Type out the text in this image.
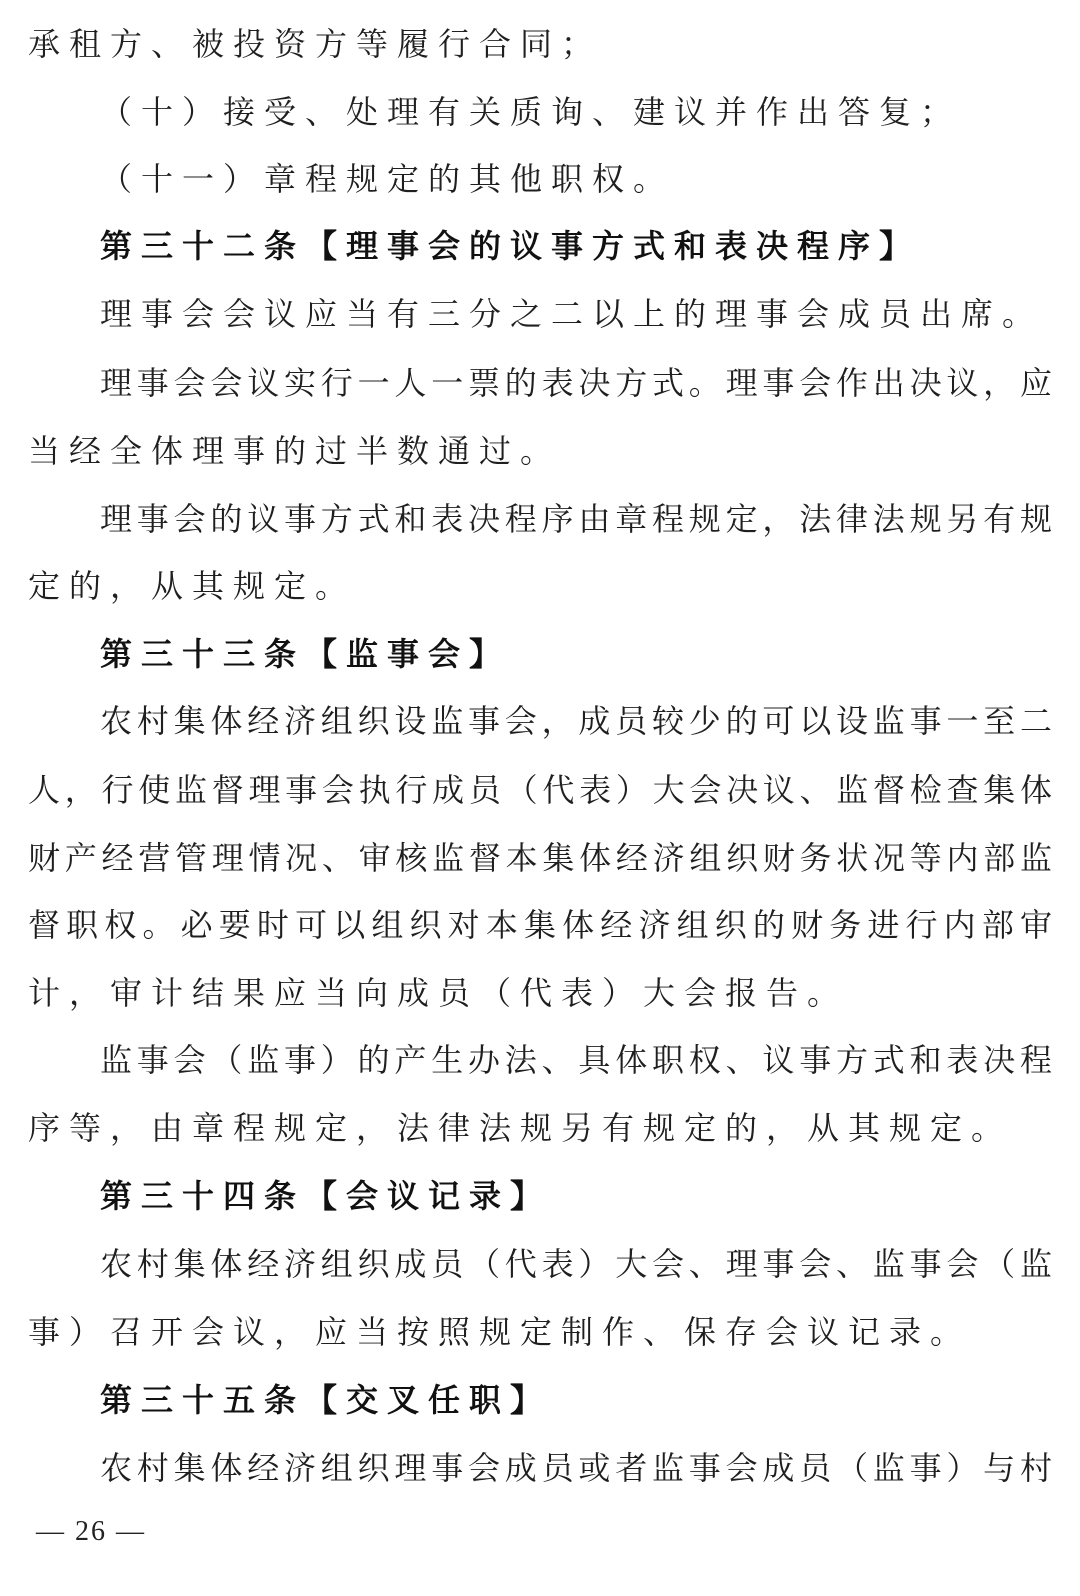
承租方、被投资方等履行合同；
（十）接受、处理有关质询、建议并作出答复；
（十一）章程规定的其他职权。
第三十二条【理事会的议事方式和表决程序】
理事会会议应当有三分之二以上的理事会成员出席。
理事会会议实行一人一票的表决方式。理事会作出决议，应
当经全体理事的过半数通过。
理事会的议事方式和表决程序由章程规定，法律法规另有规
定的，从其规定。
第三十三条【监事会】
农村集体经济组织设监事会，成员较少的可以设监事一至二
人，行使监督理事会执行成员（代表）大会决议、监督检查集体
财产经营管理情况、审核监督本集体经济组织财务状况等内部监
督职权。必要时可以组织对本集体经济组织的财务进行内部审
计，审计结果应当向成员（代表）大会报告。
监事会（监事）的产生办法、具体职权、议事方式和表决程
序等，由章程规定，法律法规另有规定的，从其规定。
第三十四条【会议记录】
农村集体经济组织成员（代表）大会、理事会、监事会（监
事）召开会议，应当按照规定制作、保存会议记录。
第三十五条【交叉任职】
农村集体经济组织理事会成员或者监事会成员（监事）与村
— 26 —
